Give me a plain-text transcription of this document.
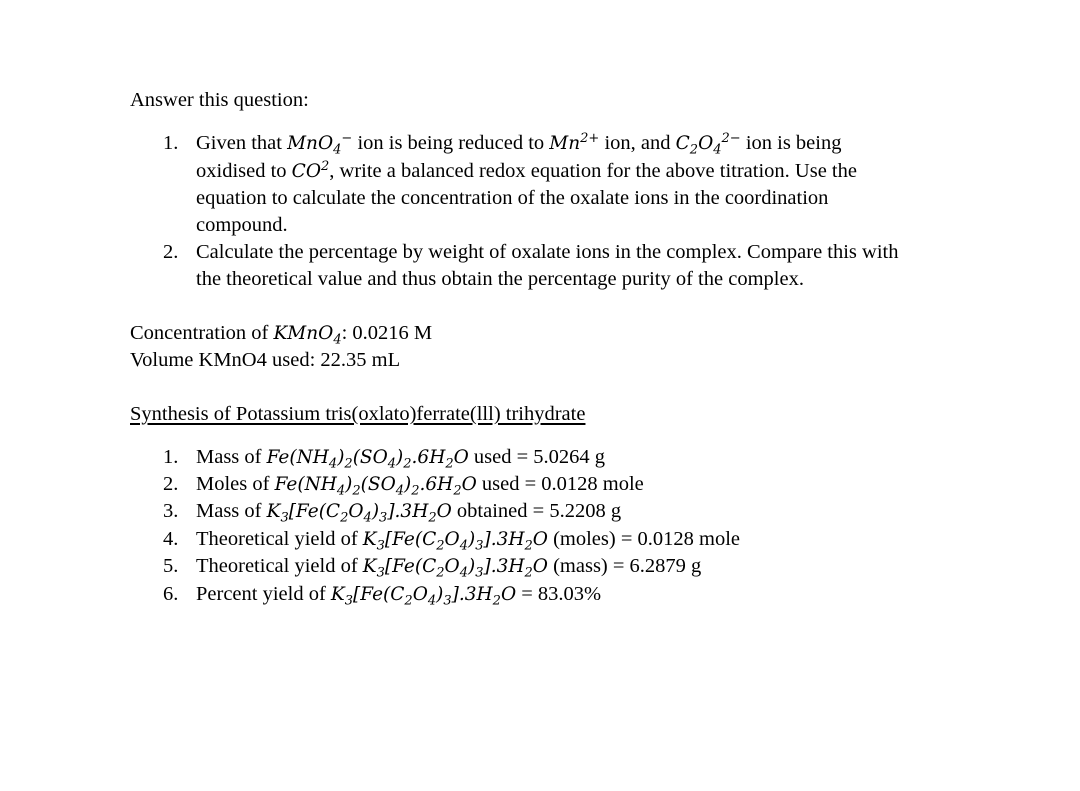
Answer this question:
1. Given that MnO$_4$− ion is being reduced to $Mn^{2+}$ ion, and $C_2O_4^{2-}$ ion is being
oxidised to $CO^2$, write a balanced redox equation for the above titration. Use the
equation to calculate the concentration of the oxalate ions in the coordination
compound.
2. Calculate the percentage by weight of oxalate ions in the complex. Compare this with
the theoretical value and thus obtain the percentage purity of the complex.
Concentration of KMnO$_4$: 0.0216 M
Volume KMnO4 used: 22.35 mL
Synthesis of Potassium tris(oxlato)ferrate(lll) trihydrate
1. Mass of $Fe(NH_4)_2(SO_4)_2.6H_2O$ used = 5.0264 g
2. Moles of $Fe(NH_4)_2(SO_4)_2.6H_2O$ used = 0.0128 mole
3. Mass of $K_3[Fe(C_2O_4)_3].3H_2O$ obtained = 5.2208 g
4. Theoretical yield of $K_3[Fe(C_2O_4)_3].3H_2O$ (moles) = 0.0128 mole
5. Theoretical yield of $K_3[Fe(C_2O_4)_3].3H_2O$ (mass) = 6.2879 g
6. Percent yield of $K_3[Fe(C_2O_4)_3].3H_2O = 83.03\%$
